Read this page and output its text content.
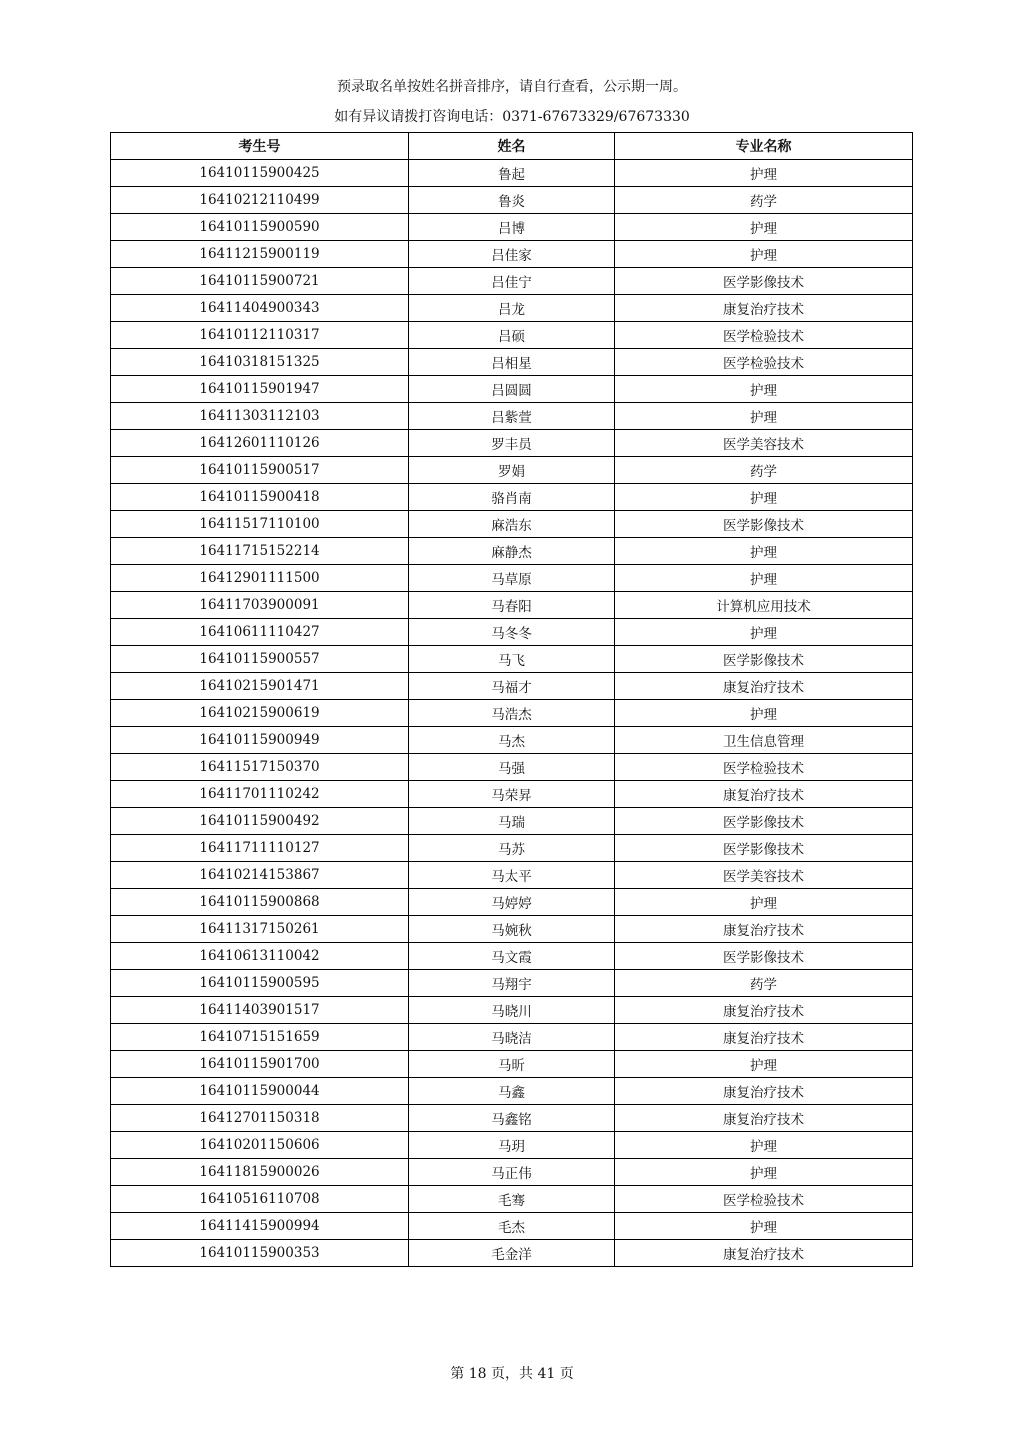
预录取名单按姓名拼音排序，请自行查看，公示期一周。
如有异议请拨打咨询电话：0371-67673329/67673330
考生号	姓名	专业名称
16410115900425	鲁起	护理
16410212110499	鲁炎	药学
16410115900590	吕博	护理
16411215900119	吕佳家	护理
16410115900721	吕佳宁	医学影像技术
16411404900343	吕龙	康复治疗技术
16410112110317	吕硕	医学检验技术
16410318151325	吕相星	医学检验技术
16410115901947	吕圆圆	护理
16411303112103	吕紫萱	护理
16412601110126	罗丰员	医学美容技术
16410115900517	罗娟	药学
16410115900418	骆肖南	护理
16411517110100	麻浩东	医学影像技术
16411715152214	麻静杰	护理
16412901111500	马草原	护理
16411703900091	马春阳	计算机应用技术
16410611110427	马冬冬	护理
16410115900557	马飞	医学影像技术
16410215901471	马福才	康复治疗技术
16410215900619	马浩杰	护理
16410115900949	马杰	卫生信息管理
16411517150370	马强	医学检验技术
16411701110242	马荣昇	康复治疗技术
16410115900492	马瑞	医学影像技术
16411711110127	马苏	医学影像技术
16410214153867	马太平	医学美容技术
16410115900868	马婷婷	护理
16411317150261	马婉秋	康复治疗技术
16410613110042	马文霞	医学影像技术
16410115900595	马翔宇	药学
16411403901517	马晓川	康复治疗技术
16410715151659	马晓洁	康复治疗技术
16410115901700	马昕	护理
16410115900044	马鑫	康复治疗技术
16412701150318	马鑫铭	康复治疗技术
16410201150606	马玥	护理
16411815900026	马正伟	护理
16410516110708	毛骞	医学检验技术
16411415900994	毛杰	护理
16410115900353	毛金洋	康复治疗技术
第 18 页，共 41 页
